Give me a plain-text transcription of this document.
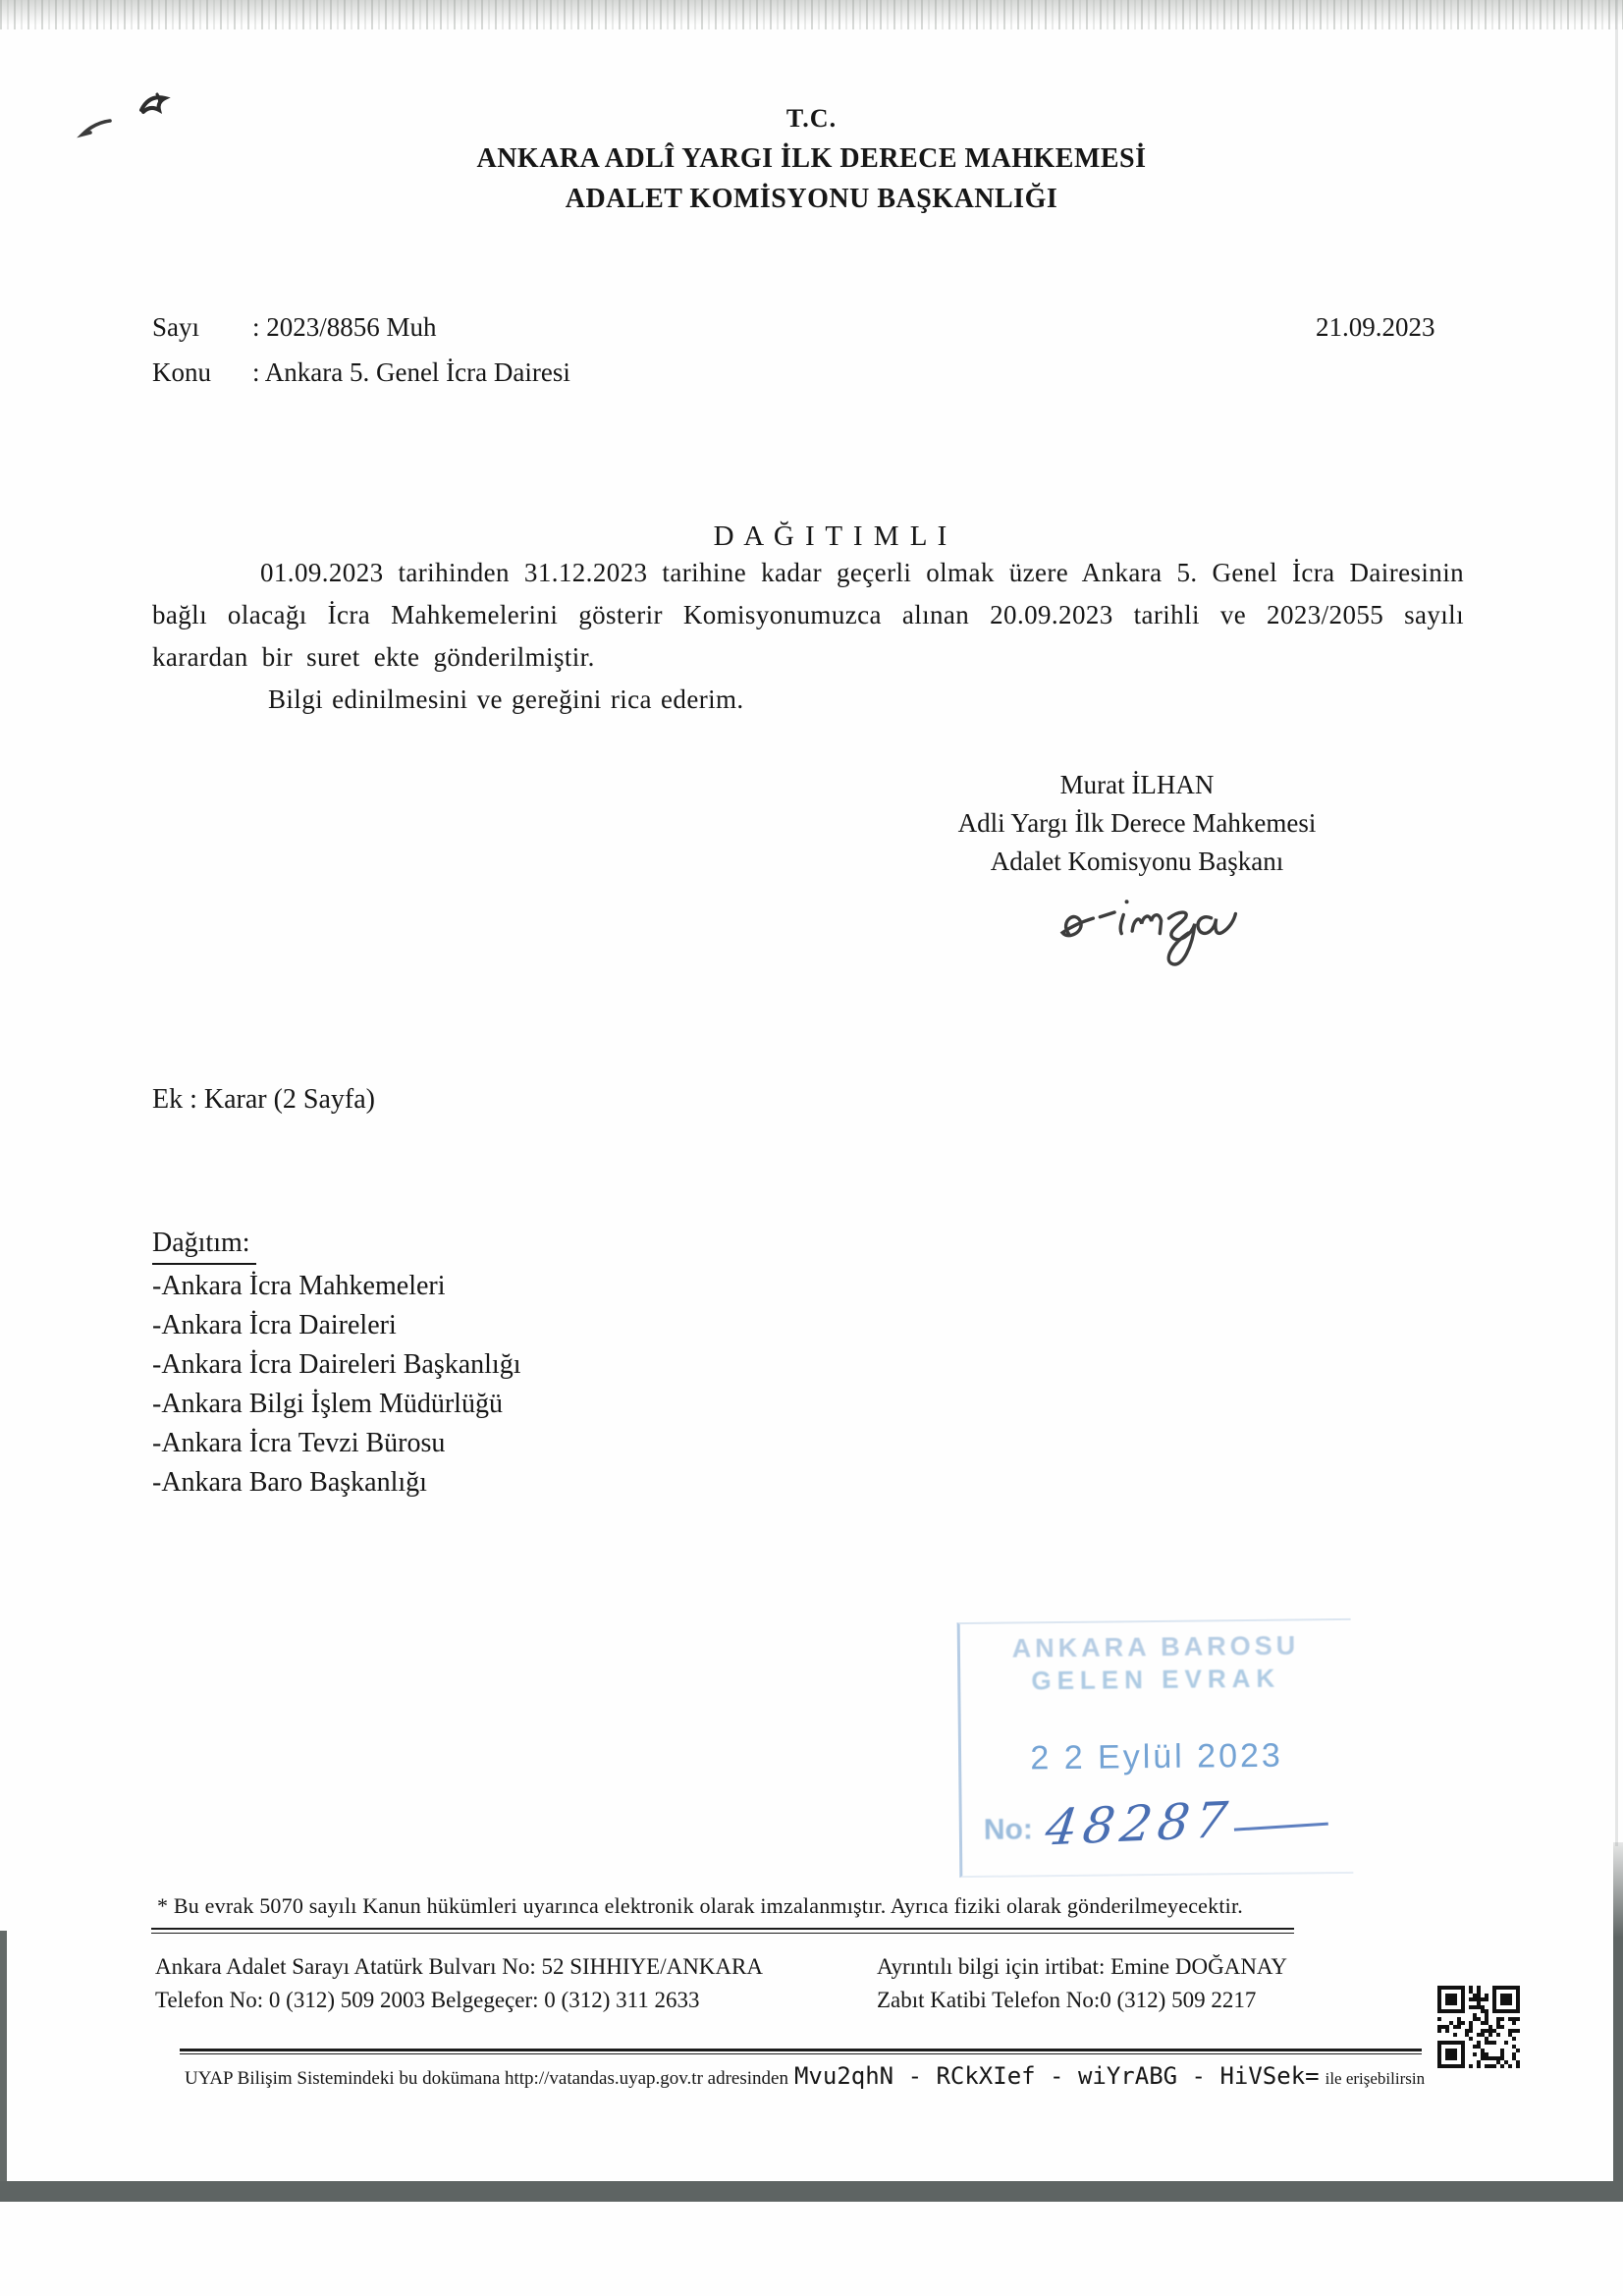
T.C.
ANKARA ADLÎ YARGI İLK DERECE MAHKEMESİ
ADALET KOMİSYONU BAŞKANLIĞI
Sayı	: 2023/8856 Muh
Konu	: Ankara 5. Genel İcra Dairesi
21.09.2023
D A Ğ I T I M L I

01.09.2023 tarihinden 31.12.2023 tarihine kadar geçerli olmak üzere Ankara 5. Genel İcra Dairesinin bağlı olacağı İcra Mahkemelerini gösterir Komisyonumuzca alınan 20.09.2023 tarihli ve 2023/2055 sayılı karardan bir suret ekte gönderilmiştir.

Bilgi edinilmesini ve gereğini rica ederim.

Murat İLHAN
Adli Yargı İlk Derece Mahkemesi
Adalet Komisyonu Başkanı
Ek : Karar (2 Sayfa)
Dağıtım:
-Ankara İcra Mahkemeleri
-Ankara İcra Daireleri
-Ankara İcra Daireleri Başkanlığı
-Ankara Bilgi İşlem Müdürlüğü
-Ankara İcra Tevzi Bürosu
-Ankara Baro Başkanlığı
ANKARA BAROSU
GELEN EVRAK
2 2 Eylül 2023
No: 48287
* Bu evrak 5070 sayılı Kanun hükümleri uyarınca elektronik olarak imzalanmıştır. Ayrıca fiziki olarak gönderilmeyecektir.
Ankara Adalet Sarayı Atatürk Bulvarı No: 52 SIHHIYE/ANKARA
Telefon No: 0 (312) 509 2003 Belgegeçer: 0 (312) 311 2633
Ayrıntılı bilgi için irtibat: Emine DOĞANAY
Zabıt Katibi Telefon No:0 (312) 509 2217
UYAP Bilişim Sistemindeki bu dokümana http://vatandas.uyap.gov.tr adresinden Mvu2qhN - RCkXIef - wiYrABG - HiVSek= ile erişebilirsin
